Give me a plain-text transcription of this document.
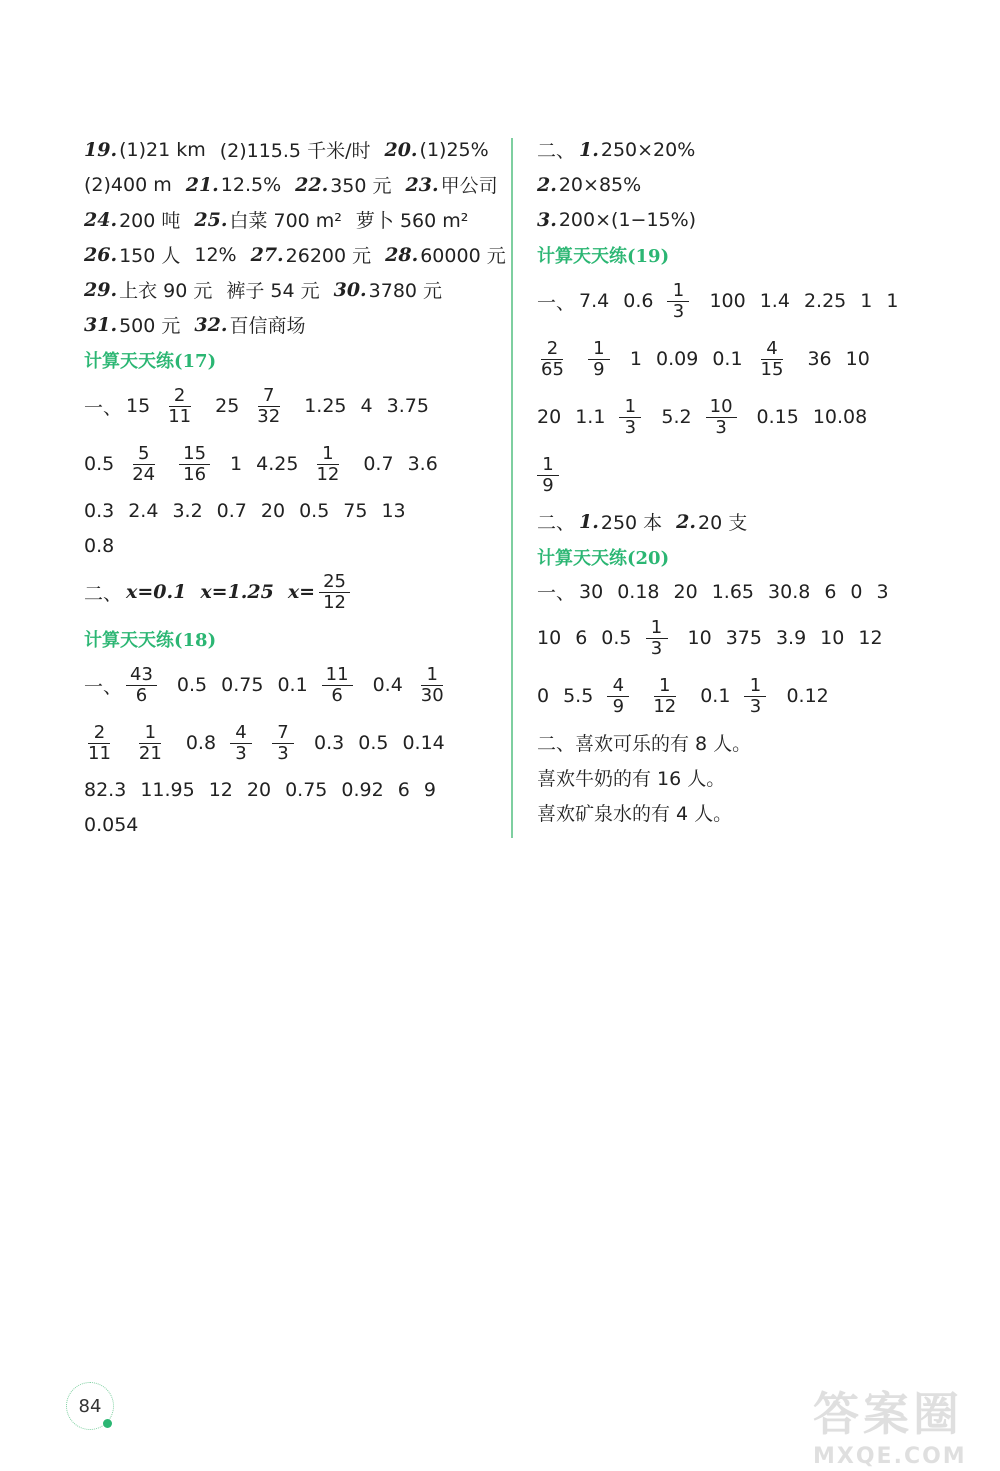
19. (1)21 km (2)115.5 千米/时 20. (1)25%
(2)400 m 21. 12.5% 22. 350 元 23. 甲公司
24. 200 吨 25. 白菜 700 m² 萝卜 560 m²
26. 150 人 12% 27. 26200 元 28. 60000 元
29. 上衣 90 元 裤子 54 元 30. 3780 元
31. 500 元 32. 百信商场
计算天天练(17)
一、 $15 \frac{2}{11} 25 \frac{7}{32} 1.25$ 4 3.75
$0.5 \frac{5}{24} \frac{15}{16} 1$ $4.25 \frac{1}{12} 0.7$ 3.6
0.3 2.4 3.2 0.7 20 0.5 75 13
0.8
二、 x=0.1 x=1.25 $x= \frac{25}{12}$
计算天天练(18)
一、 $\frac{43}{6} 0.5$ 0.75 $0.1 \frac{11}{6} 0.4 \frac{1}{30}$
$\frac{2}{11} \frac{1}{21} 0.8 \frac{4}{3} \frac{7}{3} 0.3$ 0.5 0.14
82.3 11.95 12 20 0.75 0.92 6 9
0.054
二、 1. 250×20%
2. 20×85%
3. 200×(1−15%)
计算天天练(19)
一、 7.4 $0.6 \frac{1}{3} 100$ 1.4 2.25 1 1
$\frac{2}{65} \frac{1}{9} 1$ 0.09 $0.1 \frac{4}{15} 36$ 10
20 $1.1 \frac{1}{3} 5.2 \frac{10}{3} 0.15$ 10.08
$\frac{1}{9}$
二、 1. 250 本 2. 20 支
计算天天练(20)
一、 30 0.18 20 1.65 30.8 6 0 3
10 6 $0.5 \frac{1}{3} 10$ 375 3.9 10 12
0 $5.5 \frac{4}{9} \frac{1}{12} 0.1 \frac{1}{3} 0.12$
二、喜欢可乐的有 8 人。
喜欢牛奶的有 16 人。
喜欢矿泉水的有 4 人。
84	答案圈
MXQE.COM
